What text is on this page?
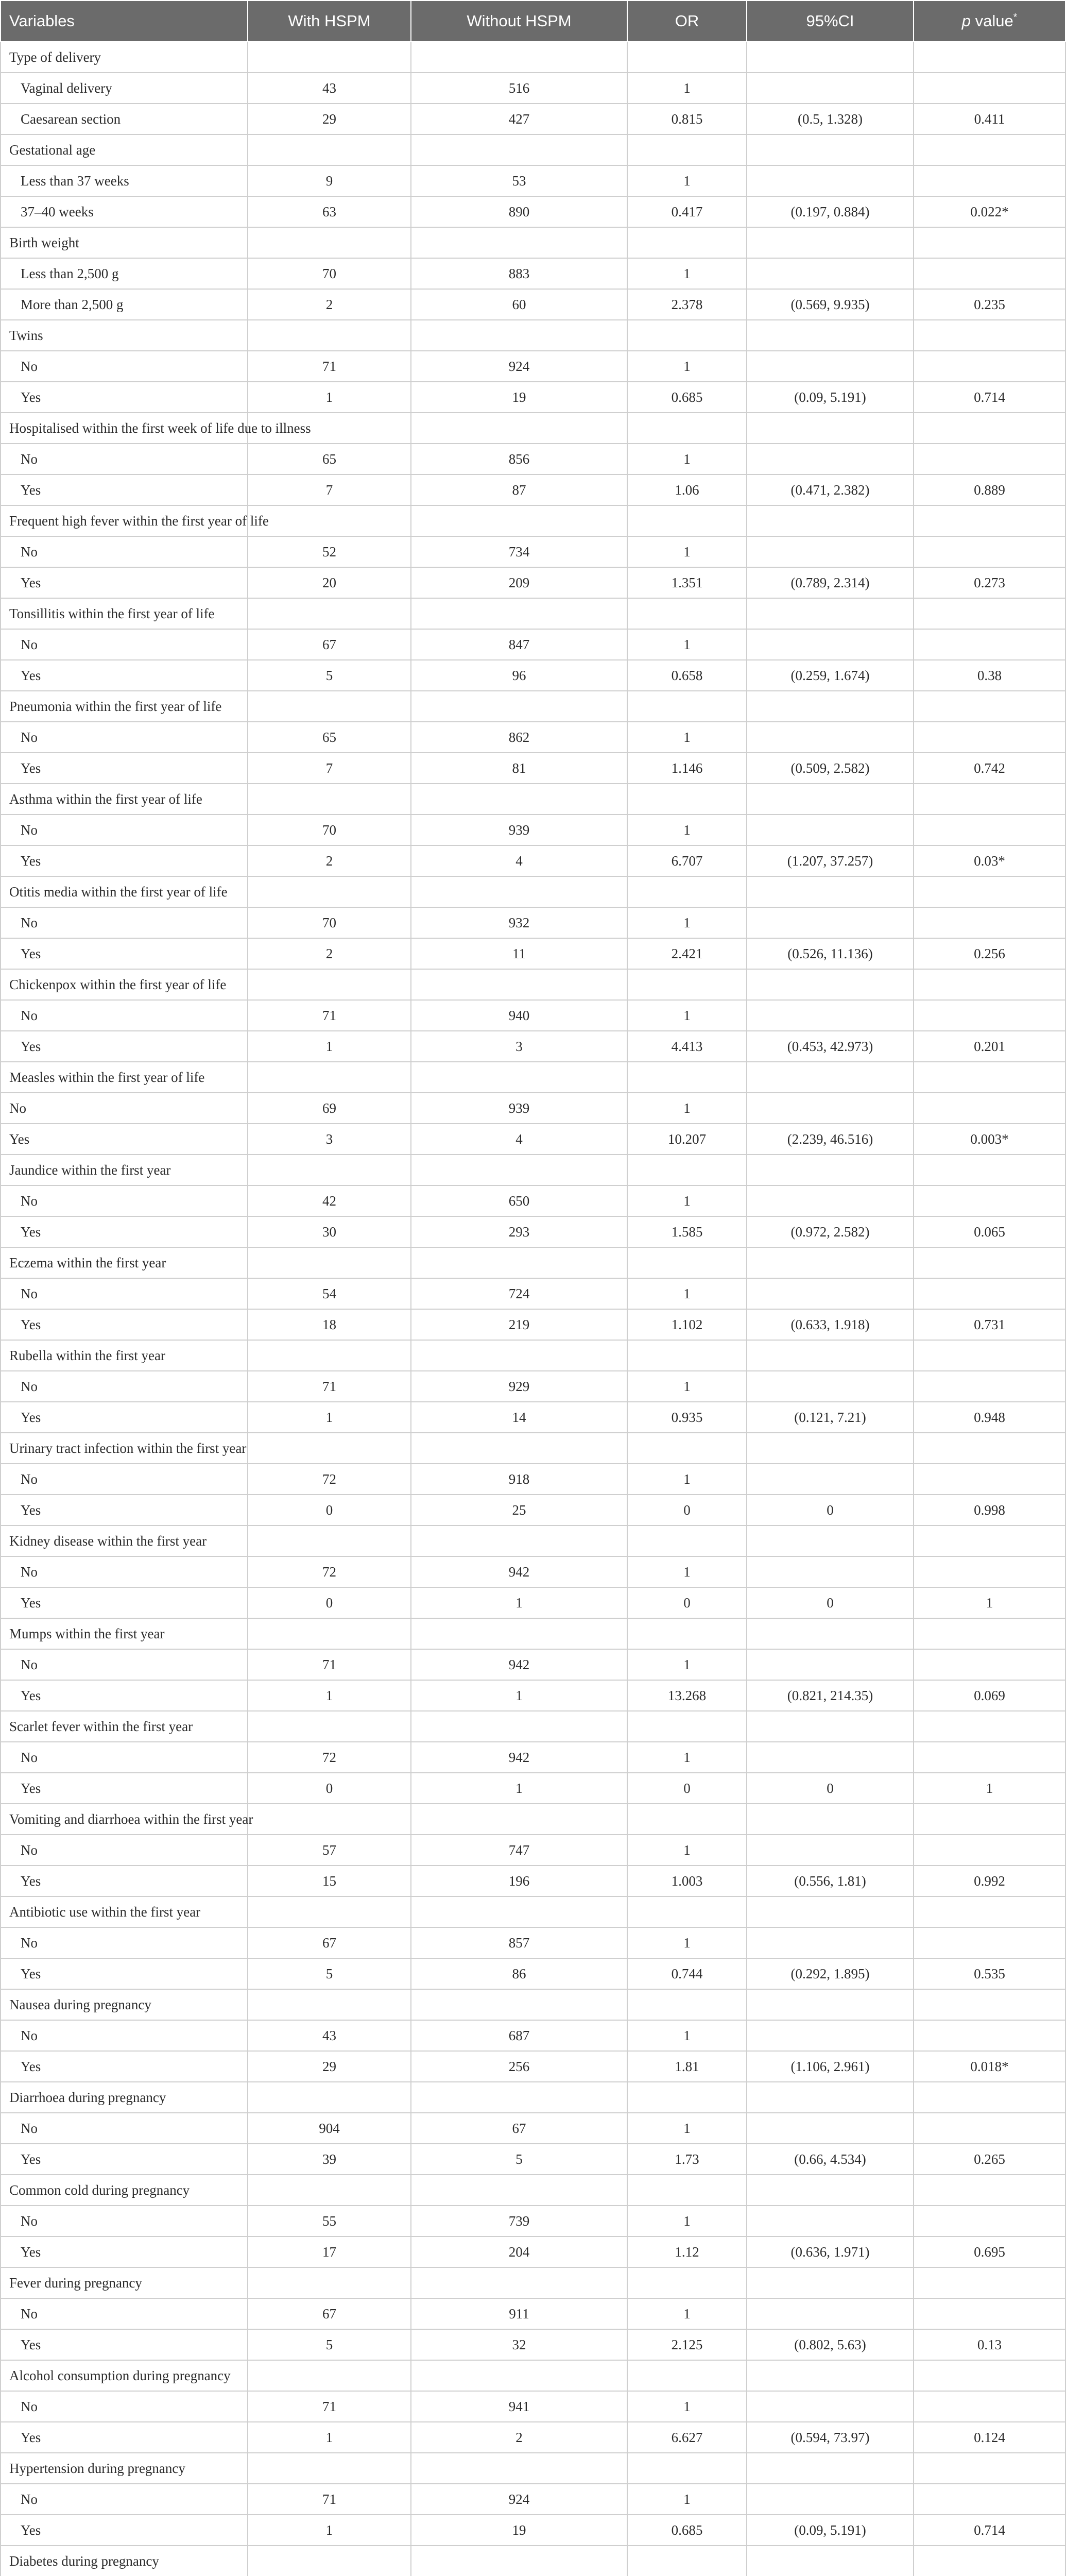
Variables	With HSPM	Without HSPM	OR	95%CI	p value*
Type of delivery					
Vaginal delivery	43	516	1		
Caesarean section	29	427	0.815	(0.5, 1.328)	0.411
Gestational age					
Less than 37 weeks	9	53	1		
37–40 weeks	63	890	0.417	(0.197, 0.884)	0.022*
Birth weight					
Less than 2,500 g	70	883	1		
More than 2,500 g	2	60	2.378	(0.569, 9.935)	0.235
Twins					
No	71	924	1		
Yes	1	19	0.685	(0.09, 5.191)	0.714
Hospitalised within the first week of life due to illness					
No	65	856	1		
Yes	7	87	1.06	(0.471, 2.382)	0.889
Frequent high fever within the first year of life					
No	52	734	1		
Yes	20	209	1.351	(0.789, 2.314)	0.273
Tonsillitis within the first year of life					
No	67	847	1		
Yes	5	96	0.658	(0.259, 1.674)	0.38
Pneumonia within the first year of life					
No	65	862	1		
Yes	7	81	1.146	(0.509, 2.582)	0.742
Asthma within the first year of life					
No	70	939	1		
Yes	2	4	6.707	(1.207, 37.257)	0.03*
Otitis media within the first year of life					
No	70	932	1		
Yes	2	11	2.421	(0.526, 11.136)	0.256
Chickenpox within the first year of life					
No	71	940	1		
Yes	1	3	4.413	(0.453, 42.973)	0.201
Measles within the first year of life					
No	69	939	1		
Yes	3	4	10.207	(2.239, 46.516)	0.003*
Jaundice within the first year					
No	42	650	1		
Yes	30	293	1.585	(0.972, 2.582)	0.065
Eczema within the first year					
No	54	724	1		
Yes	18	219	1.102	(0.633, 1.918)	0.731
Rubella within the first year					
No	71	929	1		
Yes	1	14	0.935	(0.121, 7.21)	0.948
Urinary tract infection within the first year					
No	72	918	1		
Yes	0	25	0	0	0.998
Kidney disease within the first year					
No	72	942	1		
Yes	0	1	0	0	1
Mumps within the first year					
No	71	942	1		
Yes	1	1	13.268	(0.821, 214.35)	0.069
Scarlet fever within the first year					
No	72	942	1		
Yes	0	1	0	0	1
Vomiting and diarrhoea within the first year					
No	57	747	1		
Yes	15	196	1.003	(0.556, 1.81)	0.992
Antibiotic use within the first year					
No	67	857	1		
Yes	5	86	0.744	(0.292, 1.895)	0.535
Nausea during pregnancy					
No	43	687	1		
Yes	29	256	1.81	(1.106, 2.961)	0.018*
Diarrhoea during pregnancy					
No	904	67	1		
Yes	39	5	1.73	(0.66, 4.534)	0.265
Common cold during pregnancy					
No	55	739	1		
Yes	17	204	1.12	(0.636, 1.971)	0.695
Fever during pregnancy					
No	67	911	1		
Yes	5	32	2.125	(0.802, 5.63)	0.13
Alcohol consumption during pregnancy					
No	71	941	1		
Yes	1	2	6.627	(0.594, 73.97)	0.124
Hypertension during pregnancy					
No	71	924	1		
Yes	1	19	0.685	(0.09, 5.191)	0.714
Diabetes during pregnancy					
